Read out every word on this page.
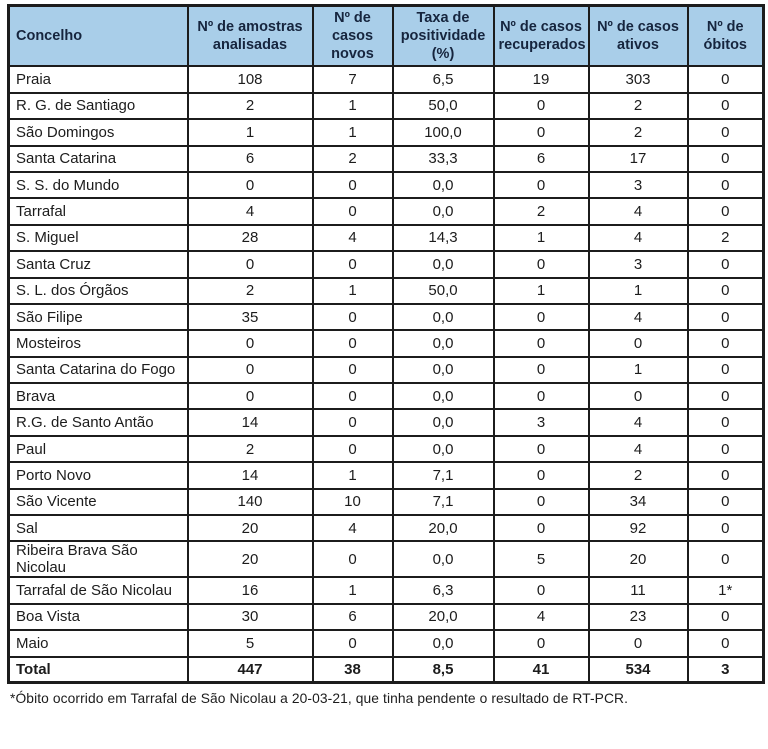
Concelho	Nº de amostras analisadas	Nº de casos novos	Taxa de positividade (%)	Nº de casos recuperados	Nº de casos ativos	Nº de óbitos
Praia	108	7	6,5	19	303	0
R. G. de Santiago	2	1	50,0	0	2	0
São Domingos	1	1	100,0	0	2	0
Santa Catarina	6	2	33,3	6	17	0
S. S. do Mundo	0	0	0,0	0	3	0
Tarrafal	4	0	0,0	2	4	0
S. Miguel	28	4	14,3	1	4	2
Santa Cruz	0	0	0,0	0	3	0
S. L. dos Órgãos	2	1	50,0	1	1	0
São Filipe	35	0	0,0	0	4	0
Mosteiros	0	0	0,0	0	0	0
Santa Catarina do Fogo	0	0	0,0	0	1	0
Brava	0	0	0,0	0	0	0
R.G. de Santo Antão	14	0	0,0	3	4	0
Paul	2	0	0,0	0	4	0
Porto Novo	14	1	7,1	0	2	0
São Vicente	140	10	7,1	0	34	0
Sal	20	4	20,0	0	92	0
Ribeira Brava São Nicolau	20	0	0,0	5	20	0
Tarrafal de São Nicolau	16	1	6,3	0	11	1*
Boa Vista	30	6	20,0	4	23	0
Maio	5	0	0,0	0	0	0
Total	447	38	8,5	41	534	3
*Óbito ocorrido em Tarrafal de São Nicolau a 20-03-21, que tinha pendente o resultado de RT-PCR.
